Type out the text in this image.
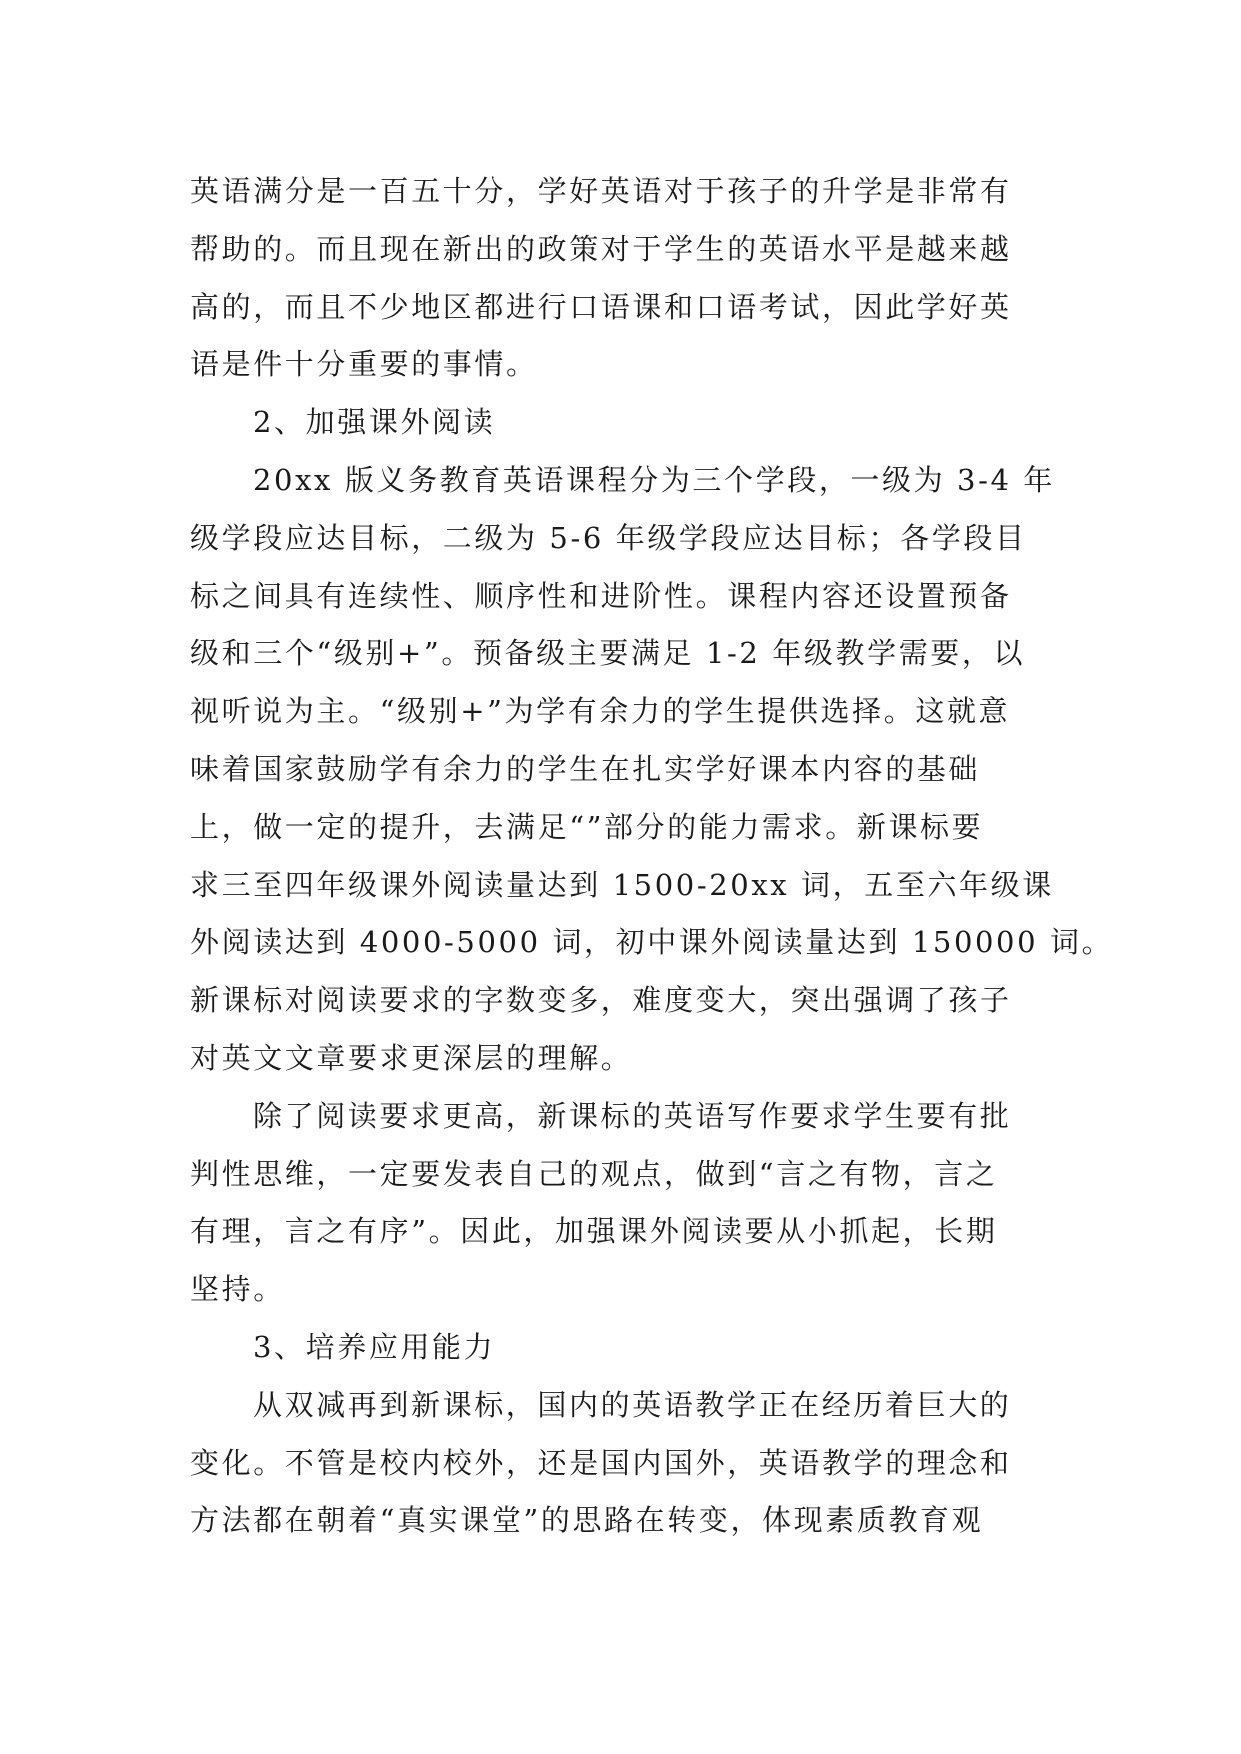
英语满分是一百五十分，学好英语对于孩子的升学是非常有
帮助的。而且现在新出的政策对于学生的英语水平是越来越
高的，而且不少地区都进行口语课和口语考试，因此学好英
语是件十分重要的事情。
2、加强课外阅读
20xx 版义务教育英语课程分为三个学段，一级为 3-4 年
级学段应达目标，二级为 5-6 年级学段应达目标；各学段目
标之间具有连续性、顺序性和进阶性。课程内容还设置预备
级和三个“级别+”。预备级主要满足 1-2 年级教学需要，以
视听说为主。“级别+”为学有余力的学生提供选择。这就意
味着国家鼓励学有余力的学生在扎实学好课本内容的基础
上，做一定的提升，去满足“”部分的能力需求。新课标要
求三至四年级课外阅读量达到 1500-20xx 词，五至六年级课
外阅读达到 4000-5000 词，初中课外阅读量达到 150000 词。
新课标对阅读要求的字数变多，难度变大，突出强调了孩子
对英文文章要求更深层的理解。
除了阅读要求更高，新课标的英语写作要求学生要有批
判性思维，一定要发表自己的观点，做到“言之有物，言之
有理，言之有序”。因此，加强课外阅读要从小抓起，长期
坚持。
3、培养应用能力
从双减再到新课标，国内的英语教学正在经历着巨大的
变化。不管是校内校外，还是国内国外，英语教学的理念和
方法都在朝着“真实课堂”的思路在转变，体现素质教育观
